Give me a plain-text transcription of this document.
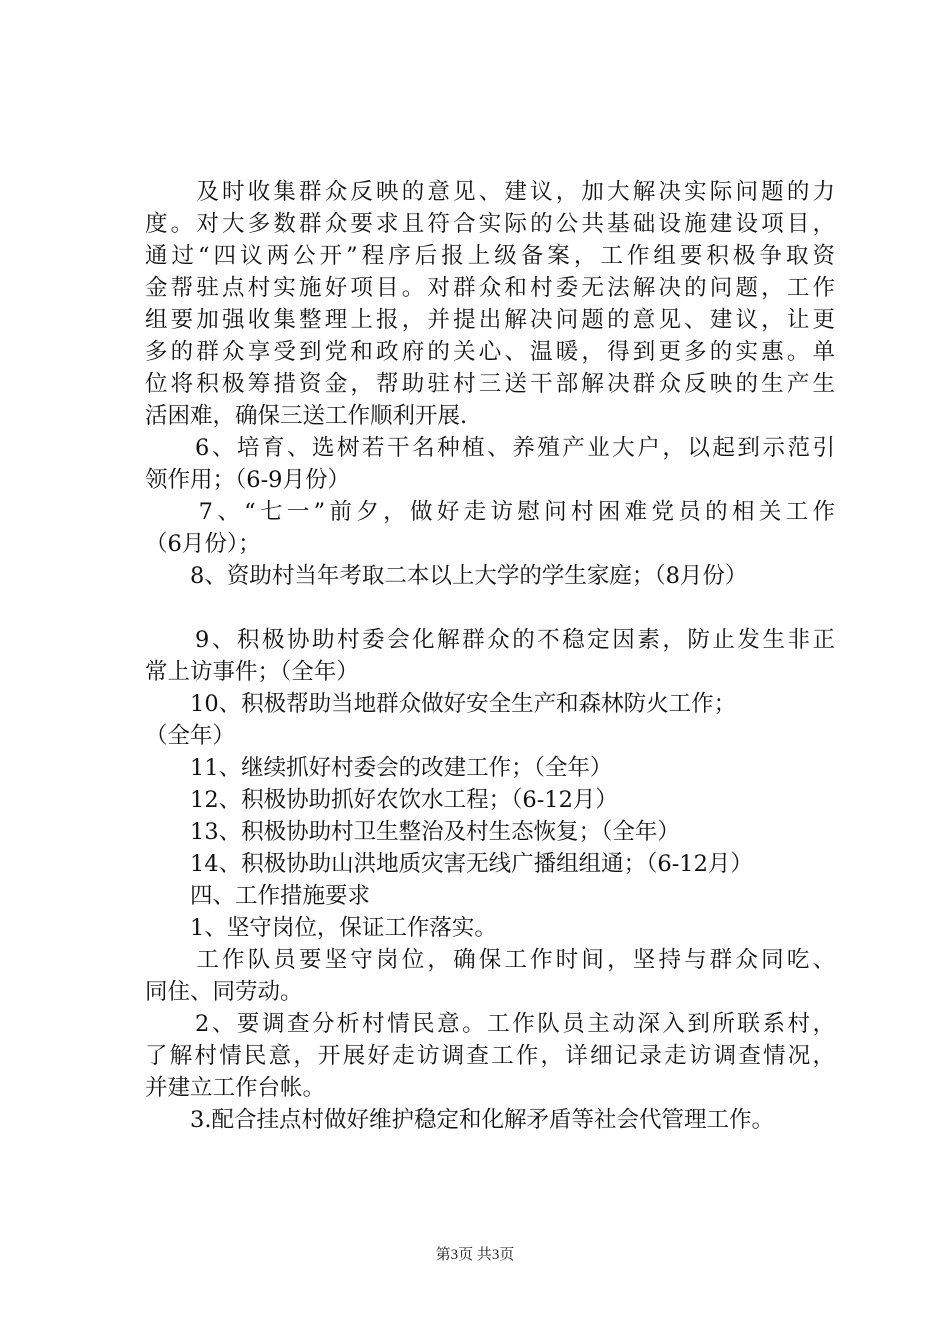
　　及时收集群众反映的意见、建议，加大解决实际问题的力
度。对大多数群众要求且符合实际的公共基础设施建设项目，
通过“四议两公开”程序后报上级备案，工作组要积极争取资
金帮驻点村实施好项目。对群众和村委无法解决的问题，工作
组要加强收集整理上报，并提出解决问题的意见、建议，让更
多的群众享受到党和政府的关心、温暖，得到更多的实惠。单
位将积极筹措资金，帮助驻村三送干部解决群众反映的生产生
活困难，确保三送工作顺利开展.
　　6、培育、选树若干名种植、养殖产业大户，以起到示范引
领作用；（6-9月份）
　　7、“七一”前夕，做好走访慰问村困难党员的相关工作
（6月份）；
　　8、资助村当年考取二本以上大学的学生家庭；（8月份）
　　9、积极协助村委会化解群众的不稳定因素，防止发生非正
常上访事件；（全年）
　　10、积极帮助当地群众做好安全生产和森林防火工作；
（全年）
　　11、继续抓好村委会的改建工作；（全年）
　　12、积极协助抓好农饮水工程；（6-12月）
　　13、积极协助村卫生整治及村生态恢复；（全年）
　　14、积极协助山洪地质灾害无线广播组组通；（6-12月）
　　四、工作措施要求
　　1、坚守岗位，保证工作落实。
　　工作队员要坚守岗位，确保工作时间，坚持与群众同吃、
同住、同劳动。
　　2、要调查分析村情民意。工作队员主动深入到所联系村，
了解村情民意，开展好走访调查工作，详细记录走访调查情况，
并建立工作台帐。
　　3.配合挂点村做好维护稳定和化解矛盾等社会代管理工作。
第3页 共3页
